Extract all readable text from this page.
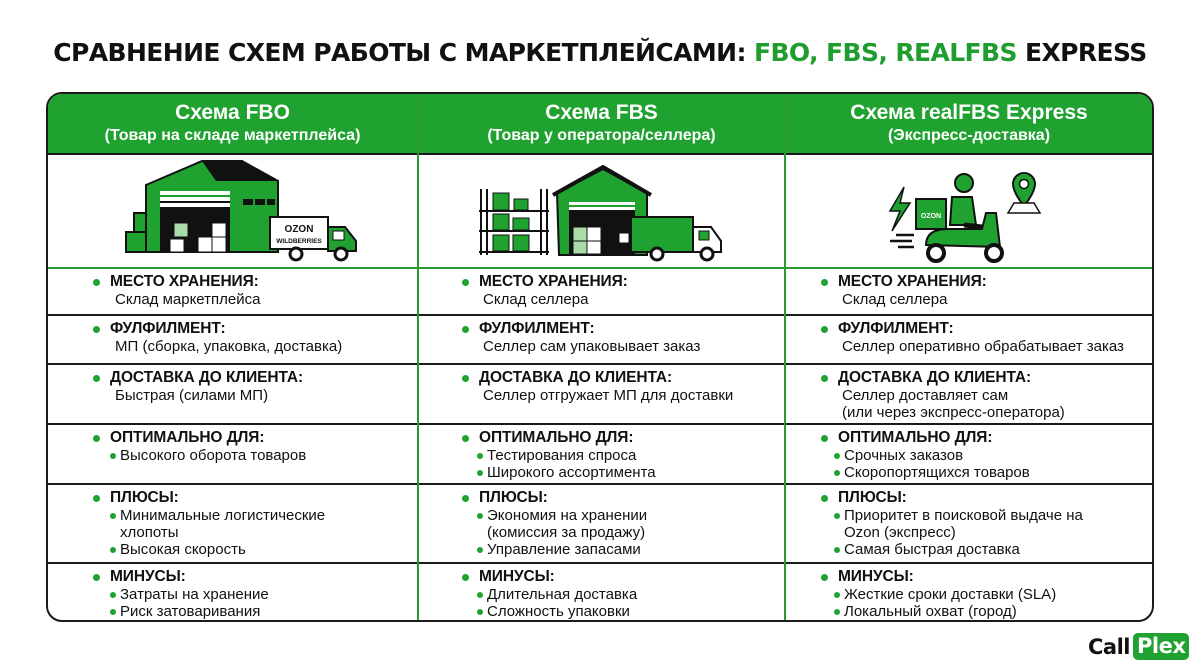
СРАВНЕНИЕ СХЕМ РАБОТЫ С МАРКЕТПЛЕЙСАМИ: FBO, FBS, REALFBS EXPRESS
Схема FBO
(Товар на складе маркетплейса)
OZON
WILDBERRIES
МЕСТО ХРАНЕНИЯ:
Склад маркетплейса
ФУЛФИЛМЕНТ:
МП (сборка, упаковка, доставка)
ДОСТАВКА ДО КЛИЕНТА:
Быстрая (силами МП)
ОПТИМАЛЬНО ДЛЯ:
Высокого оборота товаров
ПЛЮСЫ:
Минимальные логистические хлопоты
Высокая скорость
МИНУСЫ:
Затраты на хранение
Риск затоваривания
Схема FBS
(Товар у оператора/селлера)
МЕСТО ХРАНЕНИЯ:
Склад селлера
ФУЛФИЛМЕНТ:
Селлер сам упаковывает заказ
ДОСТАВКА ДО КЛИЕНТА:
Селлер отгружает МП для доставки
ОПТИМАЛЬНО ДЛЯ:
Тестирования спроса
Широкого ассортимента
ПЛЮСЫ:
Экономия на хранении (комиссия за продажу)
Управление запасами
МИНУСЫ:
Длительная доставка
Сложность упаковки
Схема realFBS Express
(Экспресс-доставка)
OZON
МЕСТО ХРАНЕНИЯ:
Склад селлера
ФУЛФИЛМЕНТ:
Селлер оперативно обрабатывает заказ
ДОСТАВКА ДО КЛИЕНТА:
Селлер доставляет сам
(или через экспресс-оператора)
ОПТИМАЛЬНО ДЛЯ:
Срочных заказов
Скоропортящихся товаров
ПЛЮСЫ:
Приоритет в поисковой выдаче на Ozon (экспресс)
Самая быстрая доставка
МИНУСЫ:
Жесткие сроки доставки (SLA)
Локальный охват (город)
Call Plex
